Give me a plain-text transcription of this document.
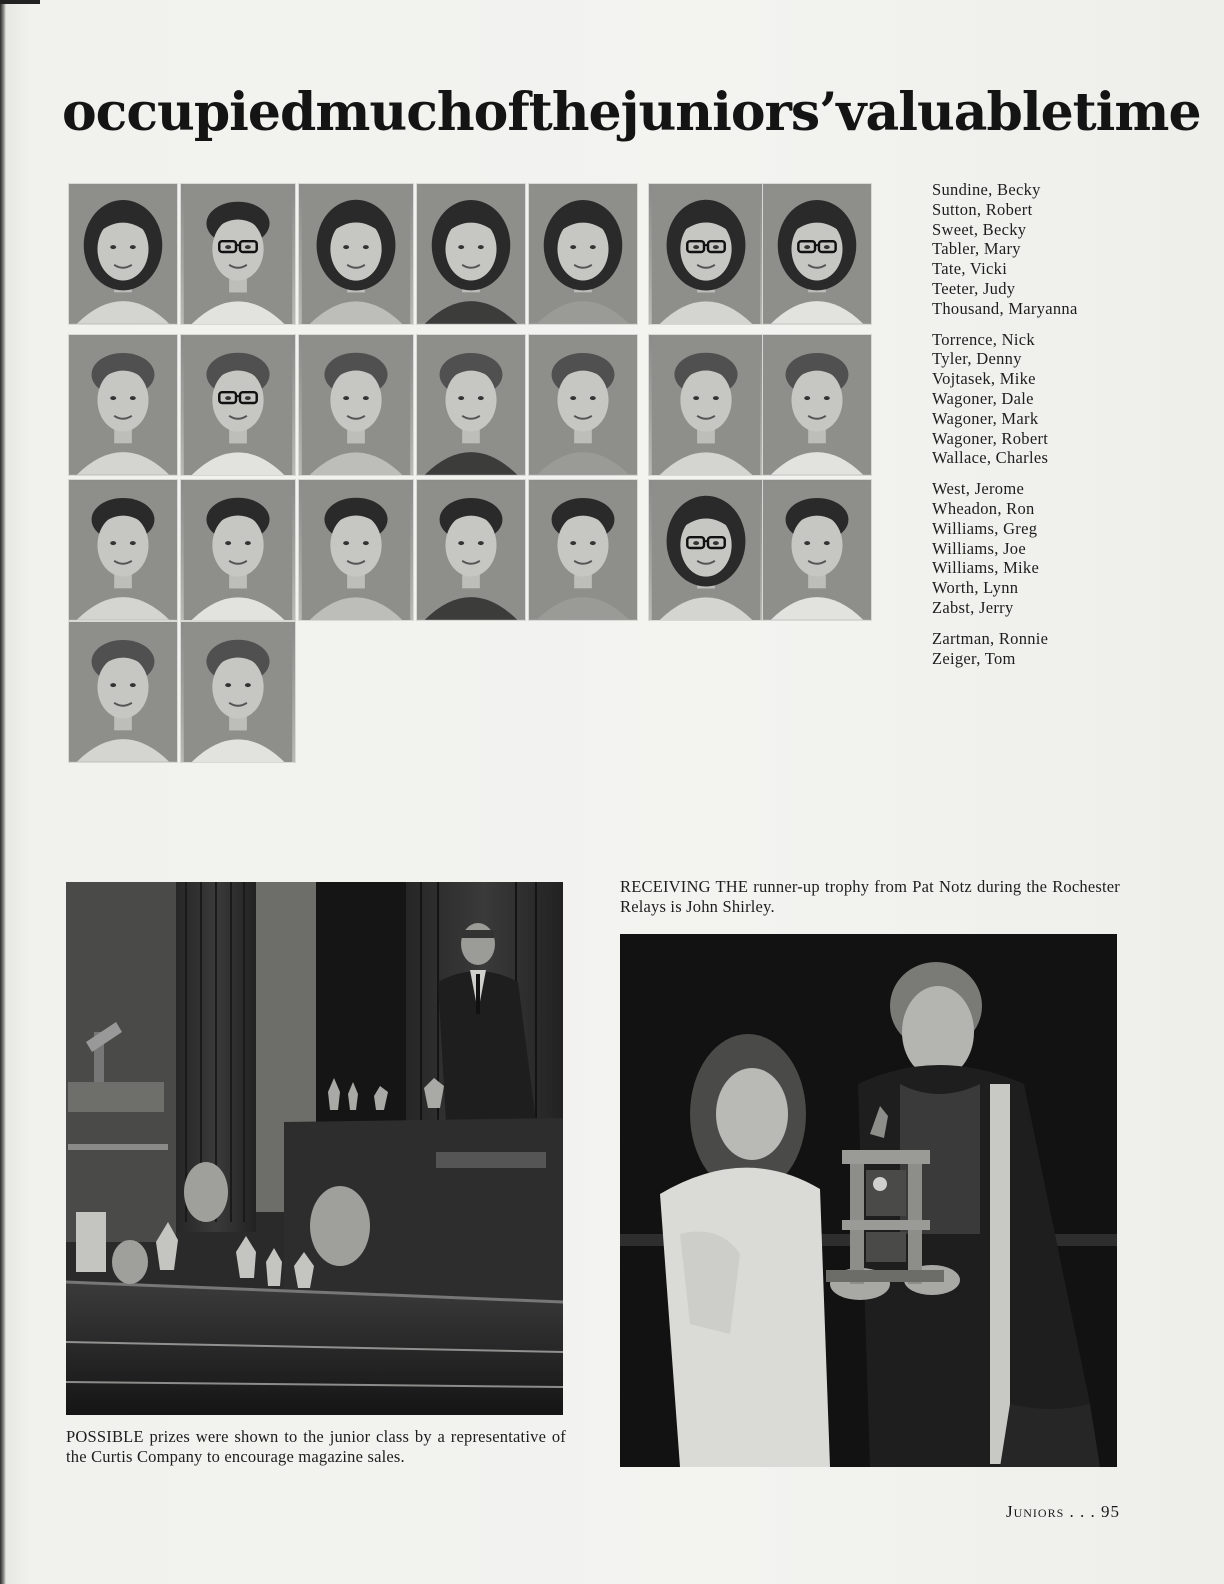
occupied much of the juniors’ valuable time
Sundine, Becky
Sutton, Robert
Sweet, Becky
Tabler, Mary
Tate, Vicki
Teeter, Judy
Thousand, Maryanna
Torrence, Nick
Tyler, Denny
Vojtasek, Mike
Wagoner, Dale
Wagoner, Mark
Wagoner, Robert
Wallace, Charles
West, Jerome
Wheadon, Ron
Williams, Greg
Williams, Joe
Williams, Mike
Worth, Lynn
Zabst, Jerry
Zartman, Ronnie
Zeiger, Tom
RECEIVING THE runner-up trophy from Pat Notz during the Rochester Relays is John Shirley.
POSSIBLE prizes were shown to the junior class by a representative of the Curtis Company to encourage magazine sales.
Juniors . . . 95
